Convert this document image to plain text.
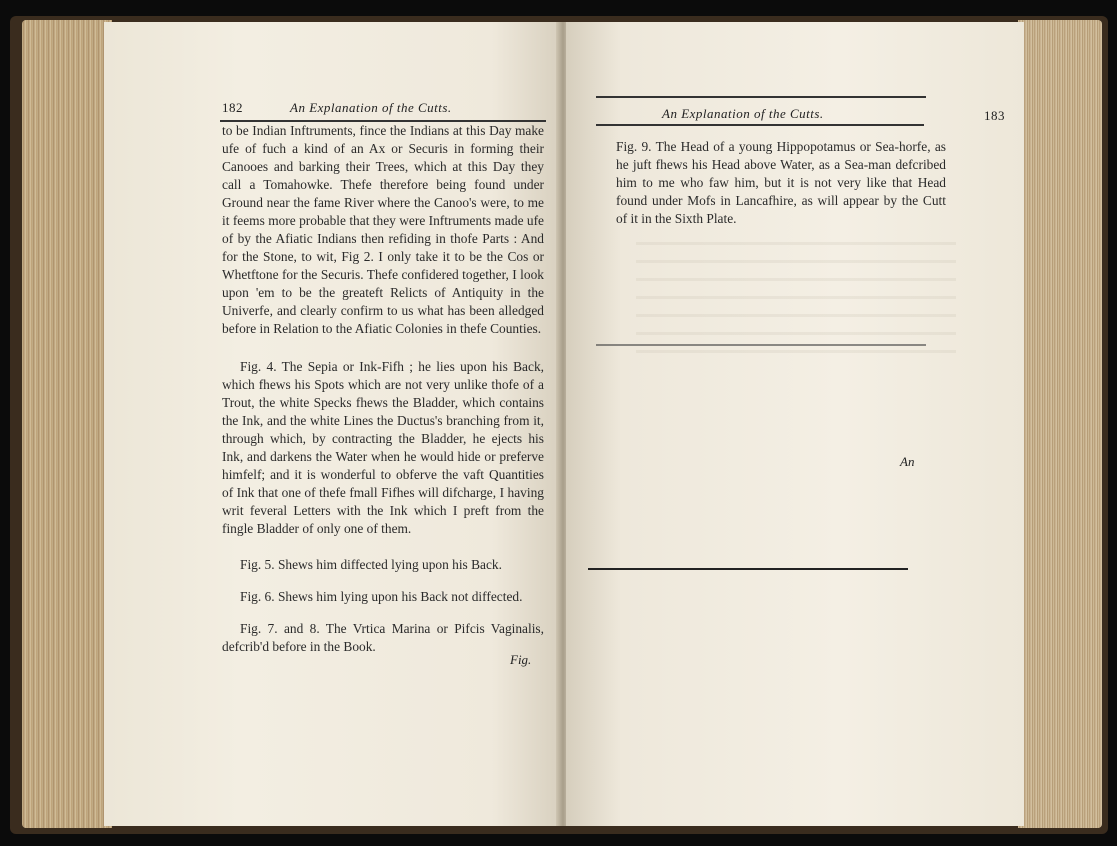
182	An Explanation of the Cutts.

to be Indian Inftruments, fince the Indians at this Day make ufe of fuch a kind of an Ax or Securis in forming their Canooes and barking their Trees, which at this Day they call a Tomahowke. Thefe therefore being found under Ground near the fame River where the Canoo's were, to me it feems more probable that they were Inftruments made ufe of by the Afiatic Indians then refiding in thofe Parts : And for the Stone, to wit, Fig 2. I only take it to be the Cos or Whetftone for the Securis. Thefe confidered together, I look upon 'em to be the greateft Relicts of Antiquity in the Univerfe, and clearly confirm to us what has been alledged before in Relation to the Afiatic Colonies in thefe Counties.

Fig. 4. The Sepia or Ink-Fifh ; he lies upon his Back, which fhews his Spots which are not very unlike thofe of a Trout, the white Specks fhews the Bladder, which contains the Ink, and the white Lines the Ductus's branching from it, through which, by contracting the Bladder, he ejects his Ink, and darkens the Water when he would hide or preferve himfelf; and it is wonderful to obferve the vaft Quantities of Ink that one of thefe fmall Fifhes will difcharge, I having writ feveral Letters with the Ink which I preft from the fingle Bladder of only one of them.

Fig. 5. Shews him diffected lying upon his Back.

Fig. 6. Shews him lying upon his Back not diffected.

Fig. 7. and 8. The Vrtica Marina or Pifcis Vaginalis, defcrib'd before in the Book.

Fig.
An Explanation of the Cutts.	183

Fig. 9. The Head of a young Hippopotamus or Sea-horfe, as he juft fhews his Head above Water, as a Sea-man defcribed him to me who faw him, but it is not very like that Head found under Mofs in Lancafhire, as will appear by the Cutt of it in the Sixth Plate.

An
